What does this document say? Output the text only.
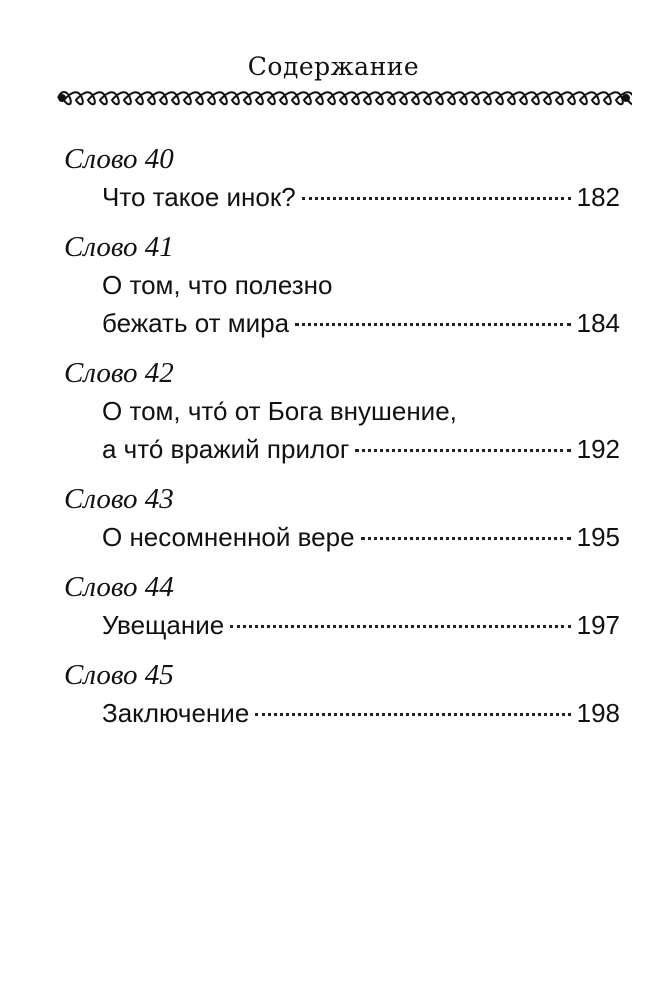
Содержание
Слово 40
Что такое инок?	182
Слово 41
О том, что полезно
бежать от мира	184
Слово 42
О том, что́ от Бога внушение,
а что́ вражий прилог	192
Слово 43
О несомненной вере	195
Слово 44
Увещание	197
Слово 45
Заключение	198
